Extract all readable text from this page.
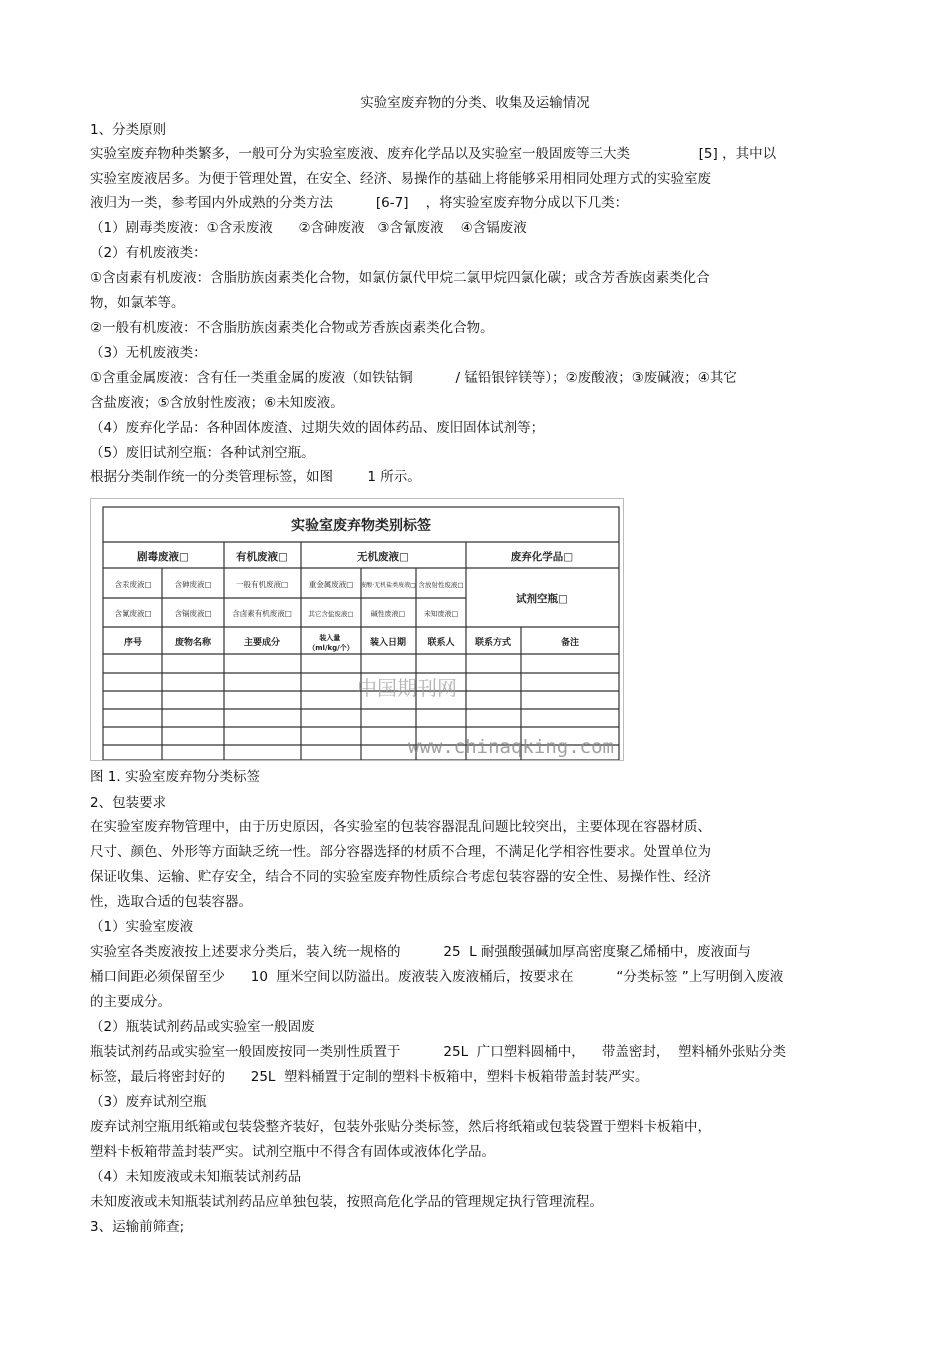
实验室废弃物的分类、收集及运输情况
1、分类原则
实验室废弃物种类繁多，一般可分为实验室废液、废弃化学品以及实验室一般固废等三大类                [5] ，其中以
实验室废液居多。为便于管理处置，在安全、经济、易操作的基础上将能够采用相同处理方式的实验室废
液归为一类，参考国内外成熟的分类方法          [6-7]    ，将实验室废弃物分成以下几类：
（1）剧毒类废液：①含汞废液      ②含砷废液   ③含氰废液    ④含镉废液
（2）有机废液类：
①含卤素有机废液：含脂肪族卤素类化合物，如氯仿氯代甲烷二氯甲烷四氯化碳；或含芳香族卤素类化合
物，如氯苯等。
②一般有机废液：不含脂肪族卤素类化合物或芳香族卤素类化合物。
（3）无机废液类：
①含重金属废液：含有任一类重金属的废液（如铁钴铜          / 锰铅银锌镁等）；②废酸液；③废碱液；④其它
含盐废液；⑤含放射性废液；⑥未知废液。
（4）废弃化学品：各种固体废渣、过期失效的固体药品、废旧固体试剂等；
（5）废旧试剂空瓶：各种试剂空瓶。
根据分类制作统一的分类管理标签，如图        1 所示。
实验室废弃物类别标签
剧毒废液□	有机废液□	无机废液□	废弃化学品□
含汞废液□	含砷废液□	一般有机废液□	重金属废液□ 废酸·无机盐类废液□ 含放射性废液□
含氰废液□	含镉废液□	含卤素有机废液□	其它含盐废液□ 碱性废液□	未知废液□
试剂空瓶□
序号	废物名称	主要成分	装入量 （ml/kg/个） 装入日期 联系人 联系方式	备注
中国期刊网
www.chinaqking.com
图 1. 实验室废弃物分类标签
2、包装要求
在实验室废弃物管理中，由于历史原因，各实验室的包装容器混乱问题比较突出，主要体现在容器材质、
尺寸、颜色、外形等方面缺乏统一性。部分容器选择的材质不合理，不满足化学相容性要求。处置单位为
保证收集、运输、贮存安全，结合不同的实验室废弃物性质综合考虑包装容器的安全性、易操作性、经济
性，选取合适的包装容器。
（1）实验室废液
实验室各类废液按上述要求分类后，装入统一规格的          25  L 耐强酸强碱加厚高密度聚乙烯桶中，废液面与
桶口间距必须保留至少      10  厘米空间以防溢出。废液装入废液桶后，按要求在          “分类标签 ”上写明倒入废液
的主要成分。
（2）瓶装试剂药品或实验室一般固废
瓶装试剂药品或实验室一般固废按同一类别性质置于          25L  广口塑料圆桶中，    带盖密封，  塑料桶外张贴分类
标签，最后将密封好的      25L  塑料桶置于定制的塑料卡板箱中，塑料卡板箱带盖封装严实。
（3）废弃试剂空瓶
废弃试剂空瓶用纸箱或包装袋整齐装好，包装外张贴分类标签，然后将纸箱或包装袋置于塑料卡板箱中，
塑料卡板箱带盖封装严实。试剂空瓶中不得含有固体或液体化学品。
（4）未知废液或未知瓶装试剂药品
未知废液或未知瓶装试剂药品应单独包装，按照高危化学品的管理规定执行管理流程。
3、运输前筛查;
